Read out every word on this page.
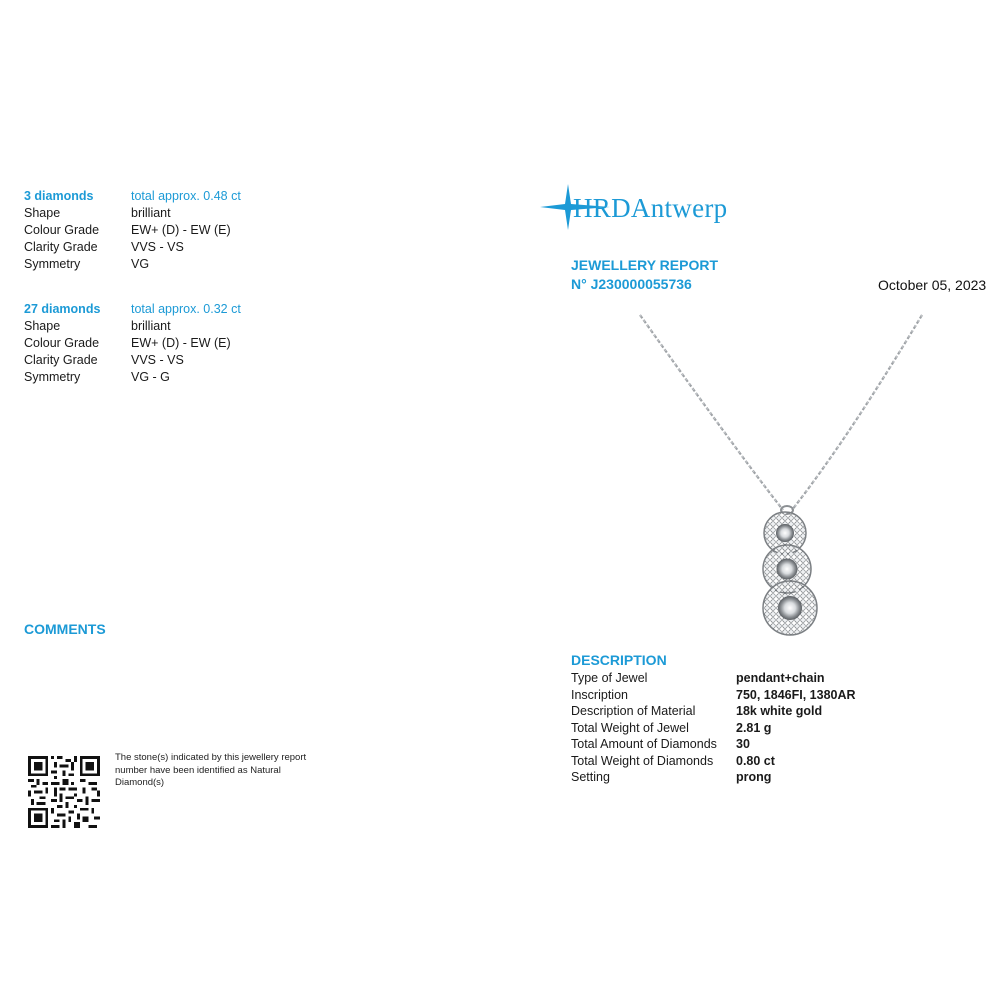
3 diamonds	total approx. 0.48 ct
Shape	brilliant
Colour Grade	EW+ (D) - EW (E)
Clarity Grade	VVS - VS
Symmetry	VG
27 diamonds total approx. 0.32 ct
Shape	brilliant
Colour Grade	EW+ (D) - EW (E)
Clarity Grade	VVS - VS
Symmetry	VG - G
COMMENTS
The stone(s) indicated by this jewellery report number have been identified as Natural Diamond(s)
HRDAntwerp
JEWELLERY REPORT
N° J230000055736	October 05, 2023
DESCRIPTION
Type of Jewel	pendant+chain
Inscription	750, 1846FI, 1380AR
Description of Material	18k white gold
Total Weight of Jewel	2.81 g
Total Amount of Diamonds 30
Total Weight of Diamonds 0.80 ct
Setting	prong
